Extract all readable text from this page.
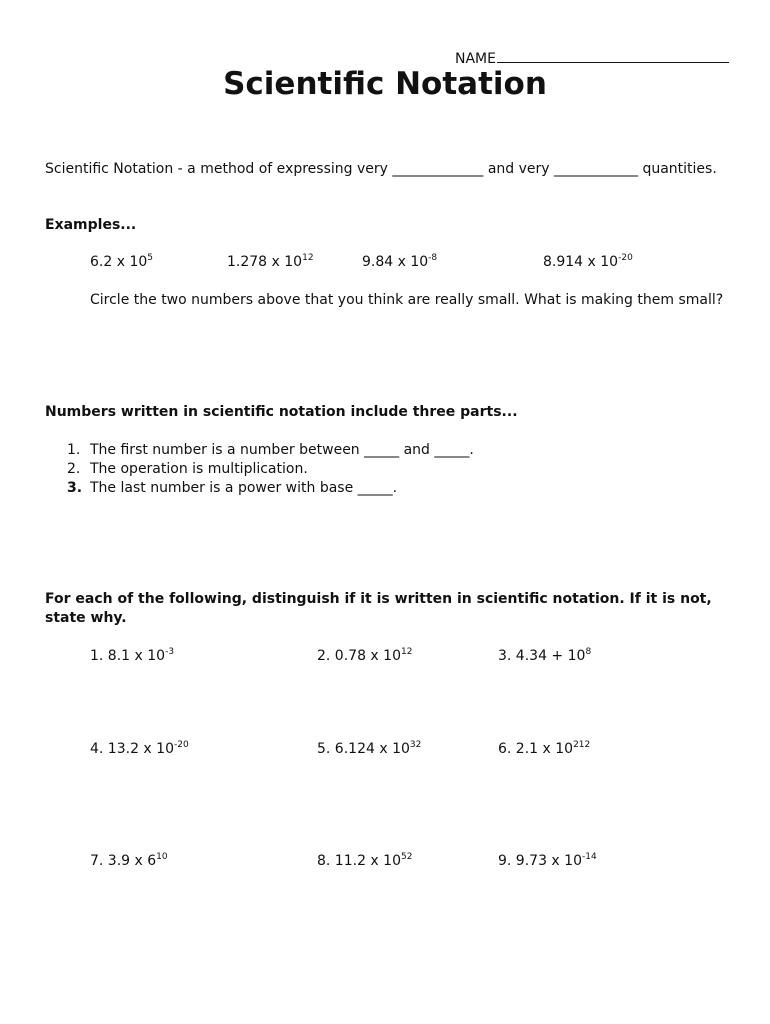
NAME
Scientific Notation
Scientific Notation - a method of expressing very _____________ and very ____________ quantities.
Examples...
6.2 x $10^5$	1.278 x $10^{12}$	9.84 x $10^{-8}$	8.914 x $10^{-20}$
Circle the two numbers above that you think are really small. What is making them small?
Numbers written in scientific notation include three parts...
1. The first number is a number between _____ and _____.
2. The operation is multiplication.
3. The last number is a power with base _____.
For each of the following, distinguish if it is written in scientific notation. If it is not,
state why.
1. 8.1 x $10^{-3}$	2. 0.78 x $10^{12}$	3. $4.34 + 10^8$
4. 13.2 x $10^{-20}$	5. 6.124 x $10^{32}$	6. 2.1 x $10^{212}$
7. 3.9 x $6^{10}$	8. 11.2 x $10^{52}$	9. 9.73 x $10^{-14}$
